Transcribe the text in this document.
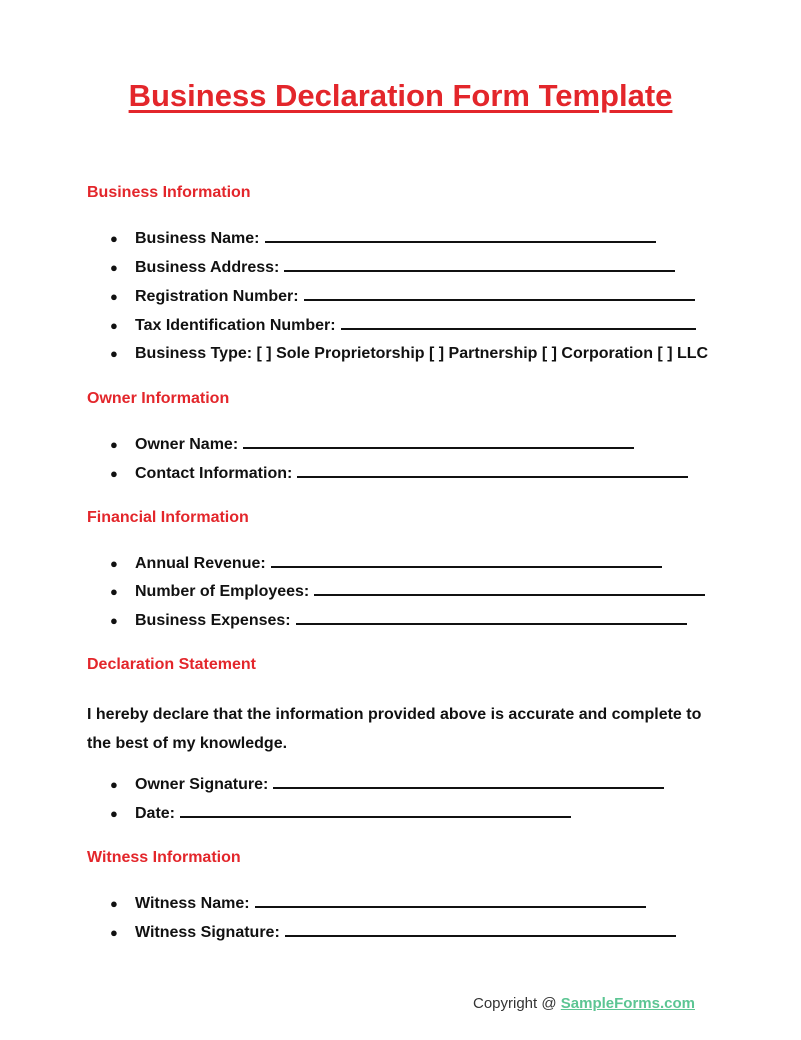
Business Declaration Form Template
Business Information
●	Business Name:
●	Business Address:
●	Registration Number:
●	Tax Identification Number:
●	Business Type: [ ] Sole Proprietorship [ ] Partnership [ ] Corporation [ ] LLC
Owner Information
●	Owner Name:
●	Contact Information:
Financial Information
●	Annual Revenue:
●	Number of Employees:
●	Business Expenses:
Declaration Statement
I hereby declare that the information provided above is accurate and complete to the best of my knowledge.
●	Owner Signature:
●	Date:
Witness Information
●	Witness Name:
●	Witness Signature:
Copyright @ SampleForms.com
